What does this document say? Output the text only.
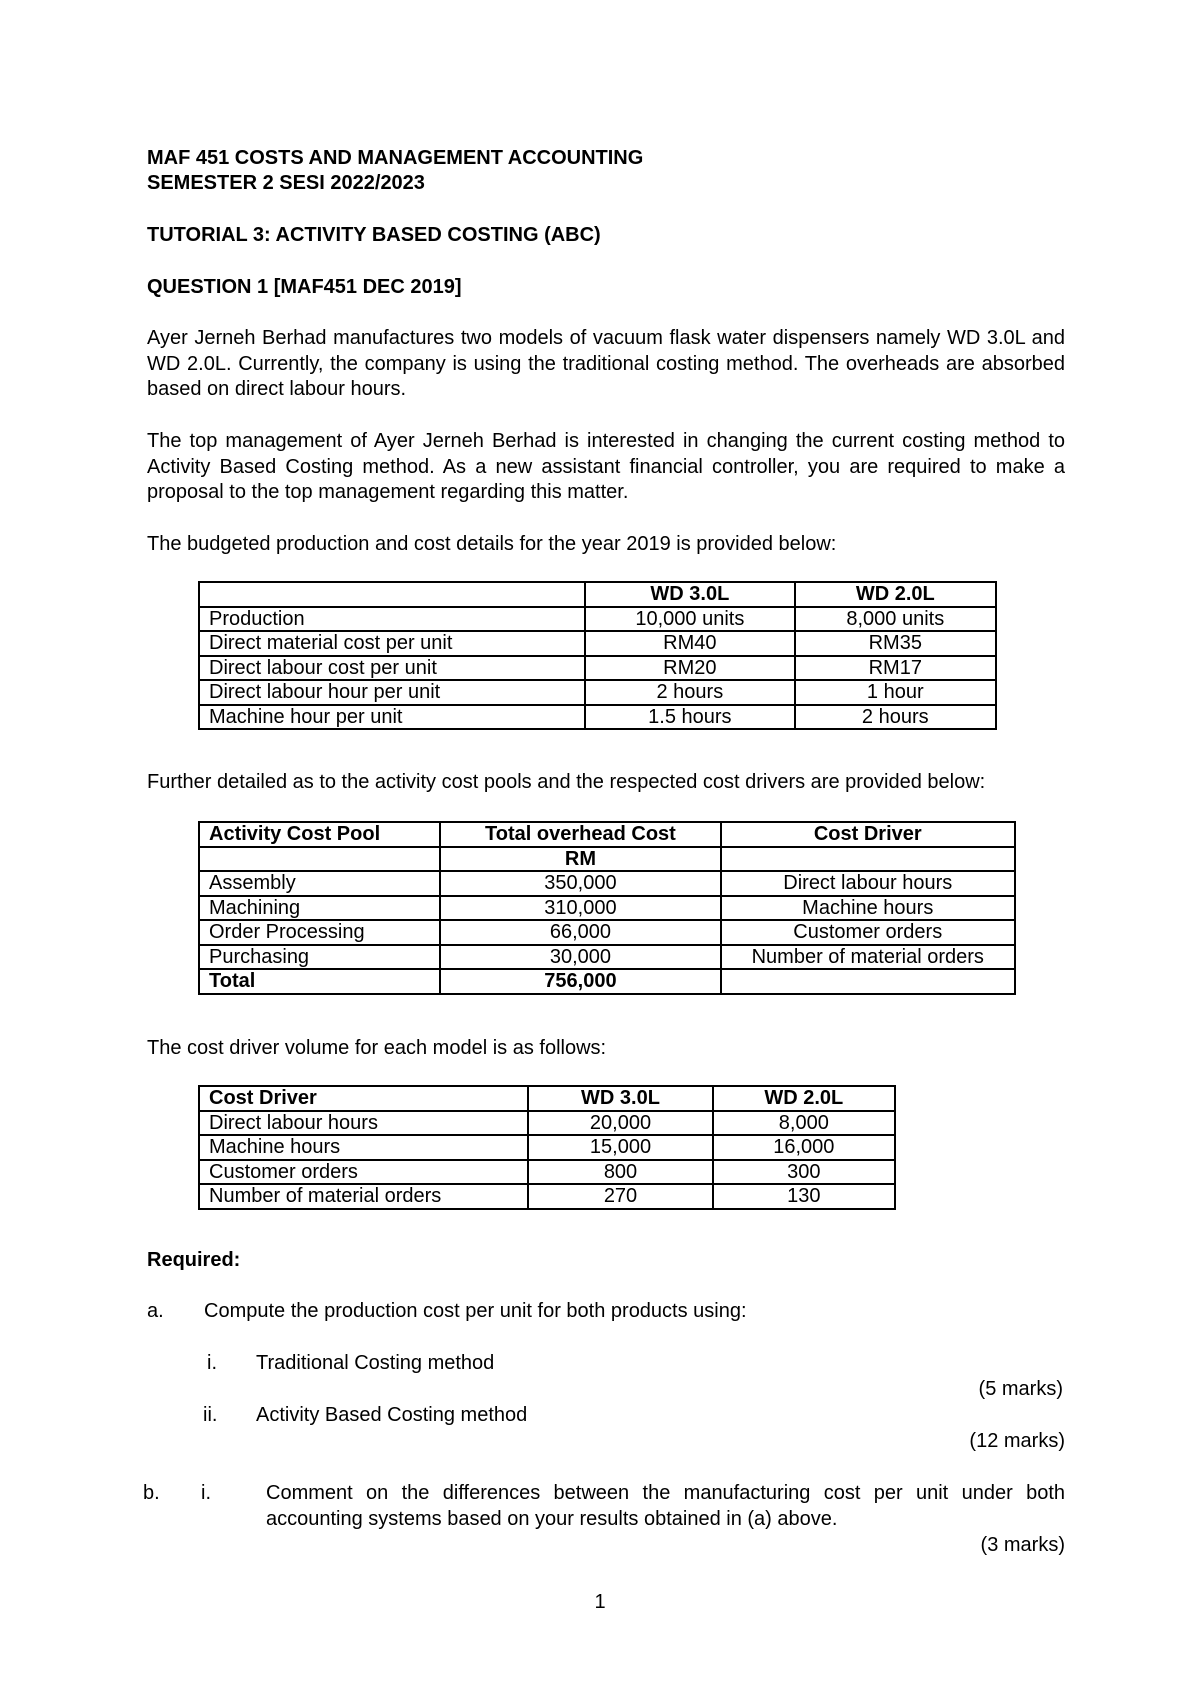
MAF 451 COSTS AND MANAGEMENT ACCOUNTING
SEMESTER 2 SESI 2022/2023
TUTORIAL 3: ACTIVITY BASED COSTING (ABC)
QUESTION 1 [MAF451 DEC 2019]
Ayer Jerneh Berhad manufactures two models of vacuum flask water dispensers namely WD 3.0L and WD 2.0L. Currently, the company is using the traditional costing method. The overheads are absorbed based on direct labour hours.
The top management of Ayer Jerneh Berhad is interested in changing the current costing method to Activity Based Costing method. As a new assistant financial controller, you are required to make a proposal to the top management regarding this matter.
The budgeted production and cost details for the year 2019 is provided below:
	WD 3.0L	WD 2.0L
Production	10,000 units	8,000 units
Direct material cost per unit	RM40	RM35
Direct labour cost per unit	RM20	RM17
Direct labour hour per unit	2 hours	1 hour
Machine hour per unit	1.5 hours	2 hours
Further detailed as to the activity cost pools and the respected cost drivers are provided below:
Activity Cost Pool	Total overhead Cost	Cost Driver
	RM	
Assembly	350,000	Direct labour hours
Machining	310,000	Machine hours
Order Processing	66,000	Customer orders
Purchasing	30,000	Number of material orders
Total	756,000	
The cost driver volume for each model is as follows:
Cost Driver	WD 3.0L	WD 2.0L
Direct labour hours	20,000	8,000
Machine hours	15,000	16,000
Customer orders	800	300
Number of material orders	270	130
Required:
a. Compute the production cost per unit for both products using:
i. Traditional Costing method
(5 marks)
ii. Activity Based Costing method
(12 marks)
b. i.	Comment on the differences between the manufacturing cost per unit under both accounting systems based on your results obtained in (a) above.
(3 marks)
1
